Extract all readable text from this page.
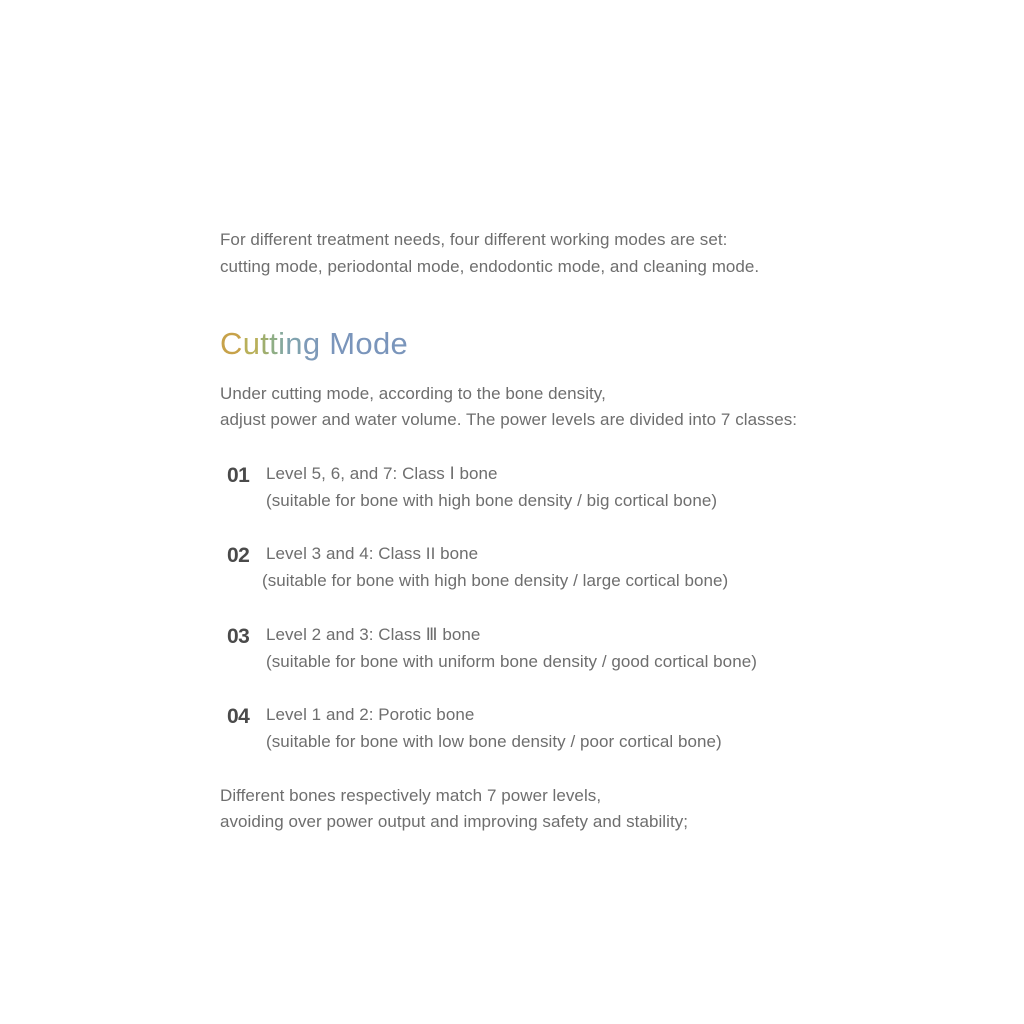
For different treatment needs, four different working modes are set:
cutting mode, periodontal mode, endodontic mode, and cleaning mode.
Cutting Mode
Under cutting mode, according to the bone density,
adjust power and water volume. The power levels are divided into 7 classes:
01 Level 5, 6, and 7: Class Ⅰ bone
(suitable for bone with high bone density / big cortical bone)
02 Level 3 and 4: Class II bone
(suitable for bone with high bone density / large cortical bone)
03 Level 2 and 3: Class Ⅲ bone
(suitable for bone with uniform bone density / good cortical bone)
04 Level 1 and 2: Porotic bone
(suitable for bone with low bone density / poor cortical bone)
Different bones respectively match 7 power levels,
avoiding over power output and improving safety and stability;
